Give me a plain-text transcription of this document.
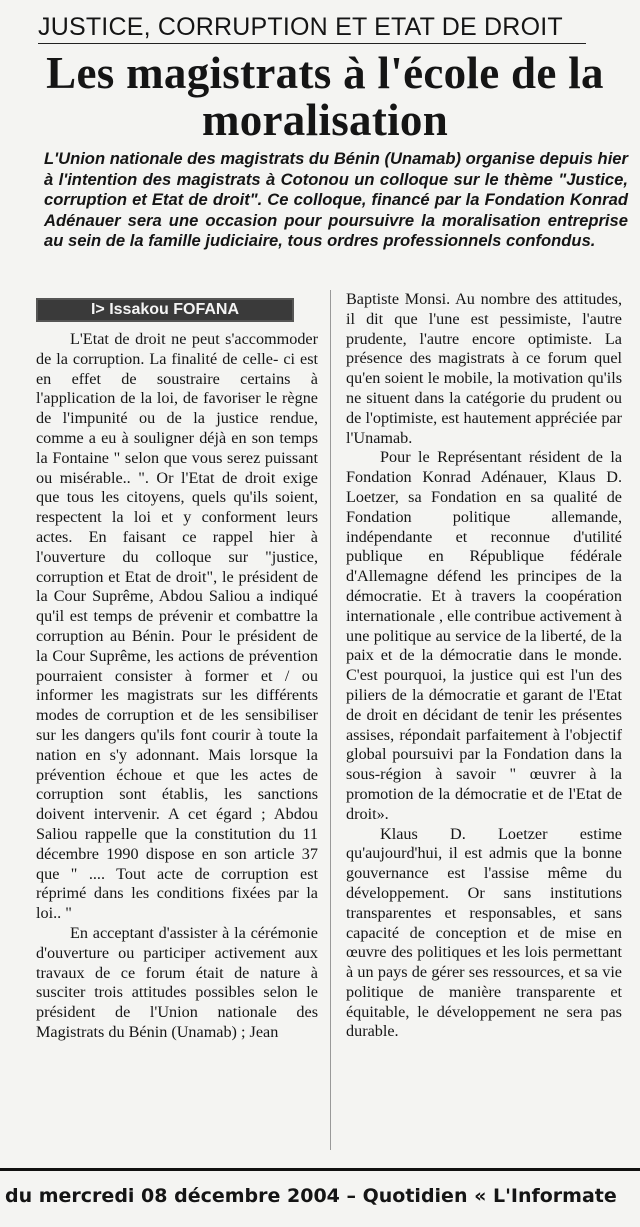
JUSTICE, CORRUPTION ET ETAT DE DROIT
Les magistrats à l'école de la moralisation

L'Union nationale des magistrats du Bénin (Unamab) organise depuis hier à l'intention des magistrats à Cotonou un colloque sur le thème "Justice, corruption et Etat de droit". Ce colloque, financé par la Fondation Konrad Adénauer sera une occasion pour poursuivre la moralisation entreprise au sein de la famille judiciaire, tous ordres professionnels confondus.

I> Issakou FOFANA

L'Etat de droit ne peut s'accommoder de la corruption. La finalité de celle- ci est en effet de soustraire certains à l'application de la loi, de favoriser le règne de l'impunité ou de la justice rendue, comme a eu à souligner déjà en son temps la Fontaine " selon que vous serez puissant ou misérable.. ". Or l'Etat de droit exige que tous les citoyens, quels qu'ils soient, respectent la loi et y conforment leurs actes. En faisant ce rappel hier à l'ouverture du colloque sur "justice, corruption et Etat de droit", le président de la Cour Suprême, Abdou Saliou a indiqué qu'il est temps de prévenir et combattre la corruption au Bénin. Pour le président de la Cour Suprême, les actions de prévention pourraient consister à former et / ou informer les magistrats sur les différents modes de corruption et de les sensibiliser sur les dangers qu'ils font courir à toute la nation en s'y adonnant. Mais lorsque la prévention échoue et que les actes de corruption sont établis, les sanctions doivent intervenir. A cet égard ; Abdou Saliou rappelle que la constitution du 11 décembre 1990 dispose en son article 37 que " .... Tout acte de corruption est réprimé dans les conditions fixées par la loi.. "

En acceptant d'assister à la cérémonie d'ouverture ou participer activement aux travaux de ce forum était de nature à susciter trois attitudes possibles selon le président de l'Union nationale des Magistrats du Bénin (Unamab) ; Jean

Baptiste Monsi. Au nombre des attitudes, il dit que l'une est pessimiste, l'autre prudente, l'autre encore optimiste. La présence des magistrats à ce forum quel qu'en soient le mobile, la motivation qu'ils ne situent dans la catégorie du prudent ou de l'optimiste, est hautement appréciée par l'Unamab.

Pour le Représentant résident de la Fondation Konrad Adénauer, Klaus D. Loetzer, sa Fondation en sa qualité de Fondation politique allemande, indépendante et reconnue d'utilité publique en République fédérale d'Allemagne défend les principes de la démocratie. Et à travers la coopération internationale , elle contribue activement à une politique au service de la liberté, de la paix et de la démocratie dans le monde. C'est pourquoi, la justice qui est l'un des piliers de la démocratie et garant de l'Etat de droit en décidant de tenir les présentes assises, répondait parfaitement à l'objectif global poursuivi par la Fondation dans la sous-région à savoir " œuvrer à la promotion de la démocratie et de l'Etat de droit».

Klaus D. Loetzer estime qu'aujourd'hui, il est admis que la bonne gouvernance est l'assise même du développement. Or sans institutions transparentes et responsables, et sans capacité de conception et de mise en œuvre des politiques et les lois permettant à un pays de gérer ses ressources, et sa vie politique de manière transparente et équitable, le développement ne sera pas durable.

du mercredi 08 décembre 2004 – Quotidien « L'Informate
